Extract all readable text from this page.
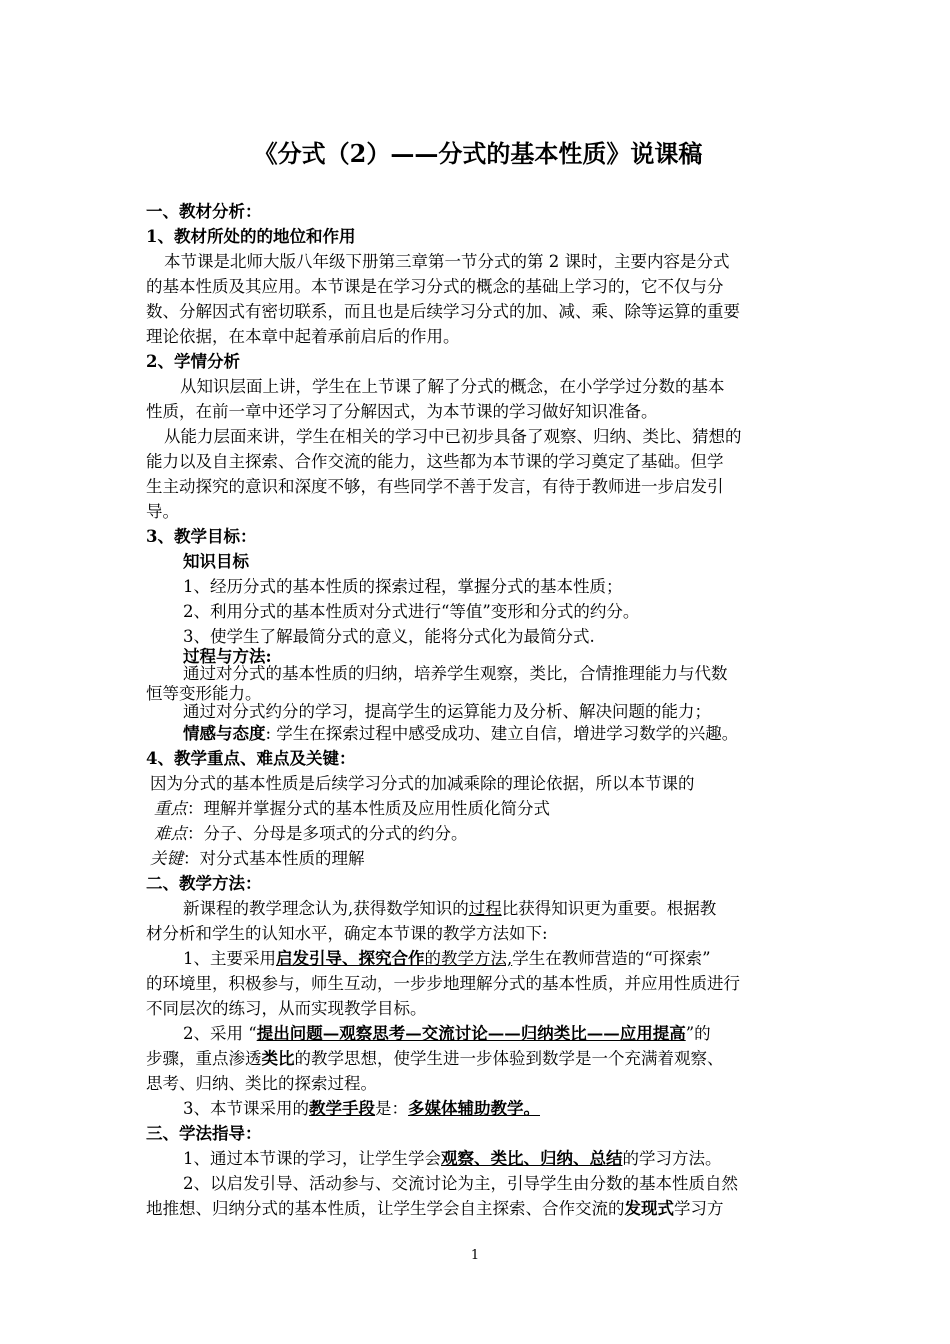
《分式（2）——分式的基本性质》说课稿
一、教材分析：
1、教材所处的的地位和作用
本节课是北师大版八年级下册第三章第一节分式的第 2 课时，主要内容是分式
的基本性质及其应用。本节课是在学习分式的概念的基础上学习的，它不仅与分
数、分解因式有密切联系，而且也是后续学习分式的加、减、乘、除等运算的重要
理论依据，在本章中起着承前启后的作用。
2、学情分析
从知识层面上讲，学生在上节课了解了分式的概念，在小学学过分数的基本
性质，在前一章中还学习了分解因式，为本节课的学习做好知识准备。
从能力层面来讲，学生在相关的学习中已初步具备了观察、归纳、类比、猜想的
能力以及自主探索、合作交流的能力，这些都为本节课的学习奠定了基础。但学
生主动探究的意识和深度不够，有些同学不善于发言，有待于教师进一步启发引
导。
3、教学目标：
知识目标
1、经历分式的基本性质的探索过程，掌握分式的基本性质；
2、利用分式的基本性质对分式进行“等值”变形和分式的约分。
3、使学生了解最简分式的意义，能将分式化为最简分式.
过程与方法:
通过对分式的基本性质的归纳，培养学生观察，类比，合情推理能力与代数
恒等变形能力。
通过对分式约分的学习，提高学生的运算能力及分析、解决问题的能力；
情感与态度: 学生在探索过程中感受成功、建立自信，增进学习数学的兴趣。
4、教学重点、难点及关键：
因为分式的基本性质是后续学习分式的加减乘除的理论依据，所以本节课的
重点：理解并掌握分式的基本性质及应用性质化简分式
难点：分子、分母是多项式的分式的约分。
关键：对分式基本性质的理解
二、教学方法：
新课程的教学理念认为,获得数学知识的过程比获得知识更为重要。根据教
材分析和学生的认知水平，确定本节课的教学方法如下:
1、主要采用启发引导、探究合作的教学方法,学生在教师营造的“可探索”
的环境里，积极参与，师生互动，一步步地理解分式的基本性质，并应用性质进行
不同层次的练习，从而实现教学目标。
2、采用 “提出问题—观察思考—交流讨论——归纳类比——应用提高”的
步骤，重点渗透类比的教学思想，使学生进一步体验到数学是一个充满着观察、
思考、归纳、类比的探索过程。
3、本节课采用的教学手段是：多媒体辅助教学。
三、学法指导：
1、通过本节课的学习，让学生学会观察、类比、归纳、总结的学习方法。
2、以启发引导、活动参与、交流讨论为主，引导学生由分数的基本性质自然
地推想、归纳分式的基本性质，让学生学会自主探索、合作交流的发现式学习方
1
